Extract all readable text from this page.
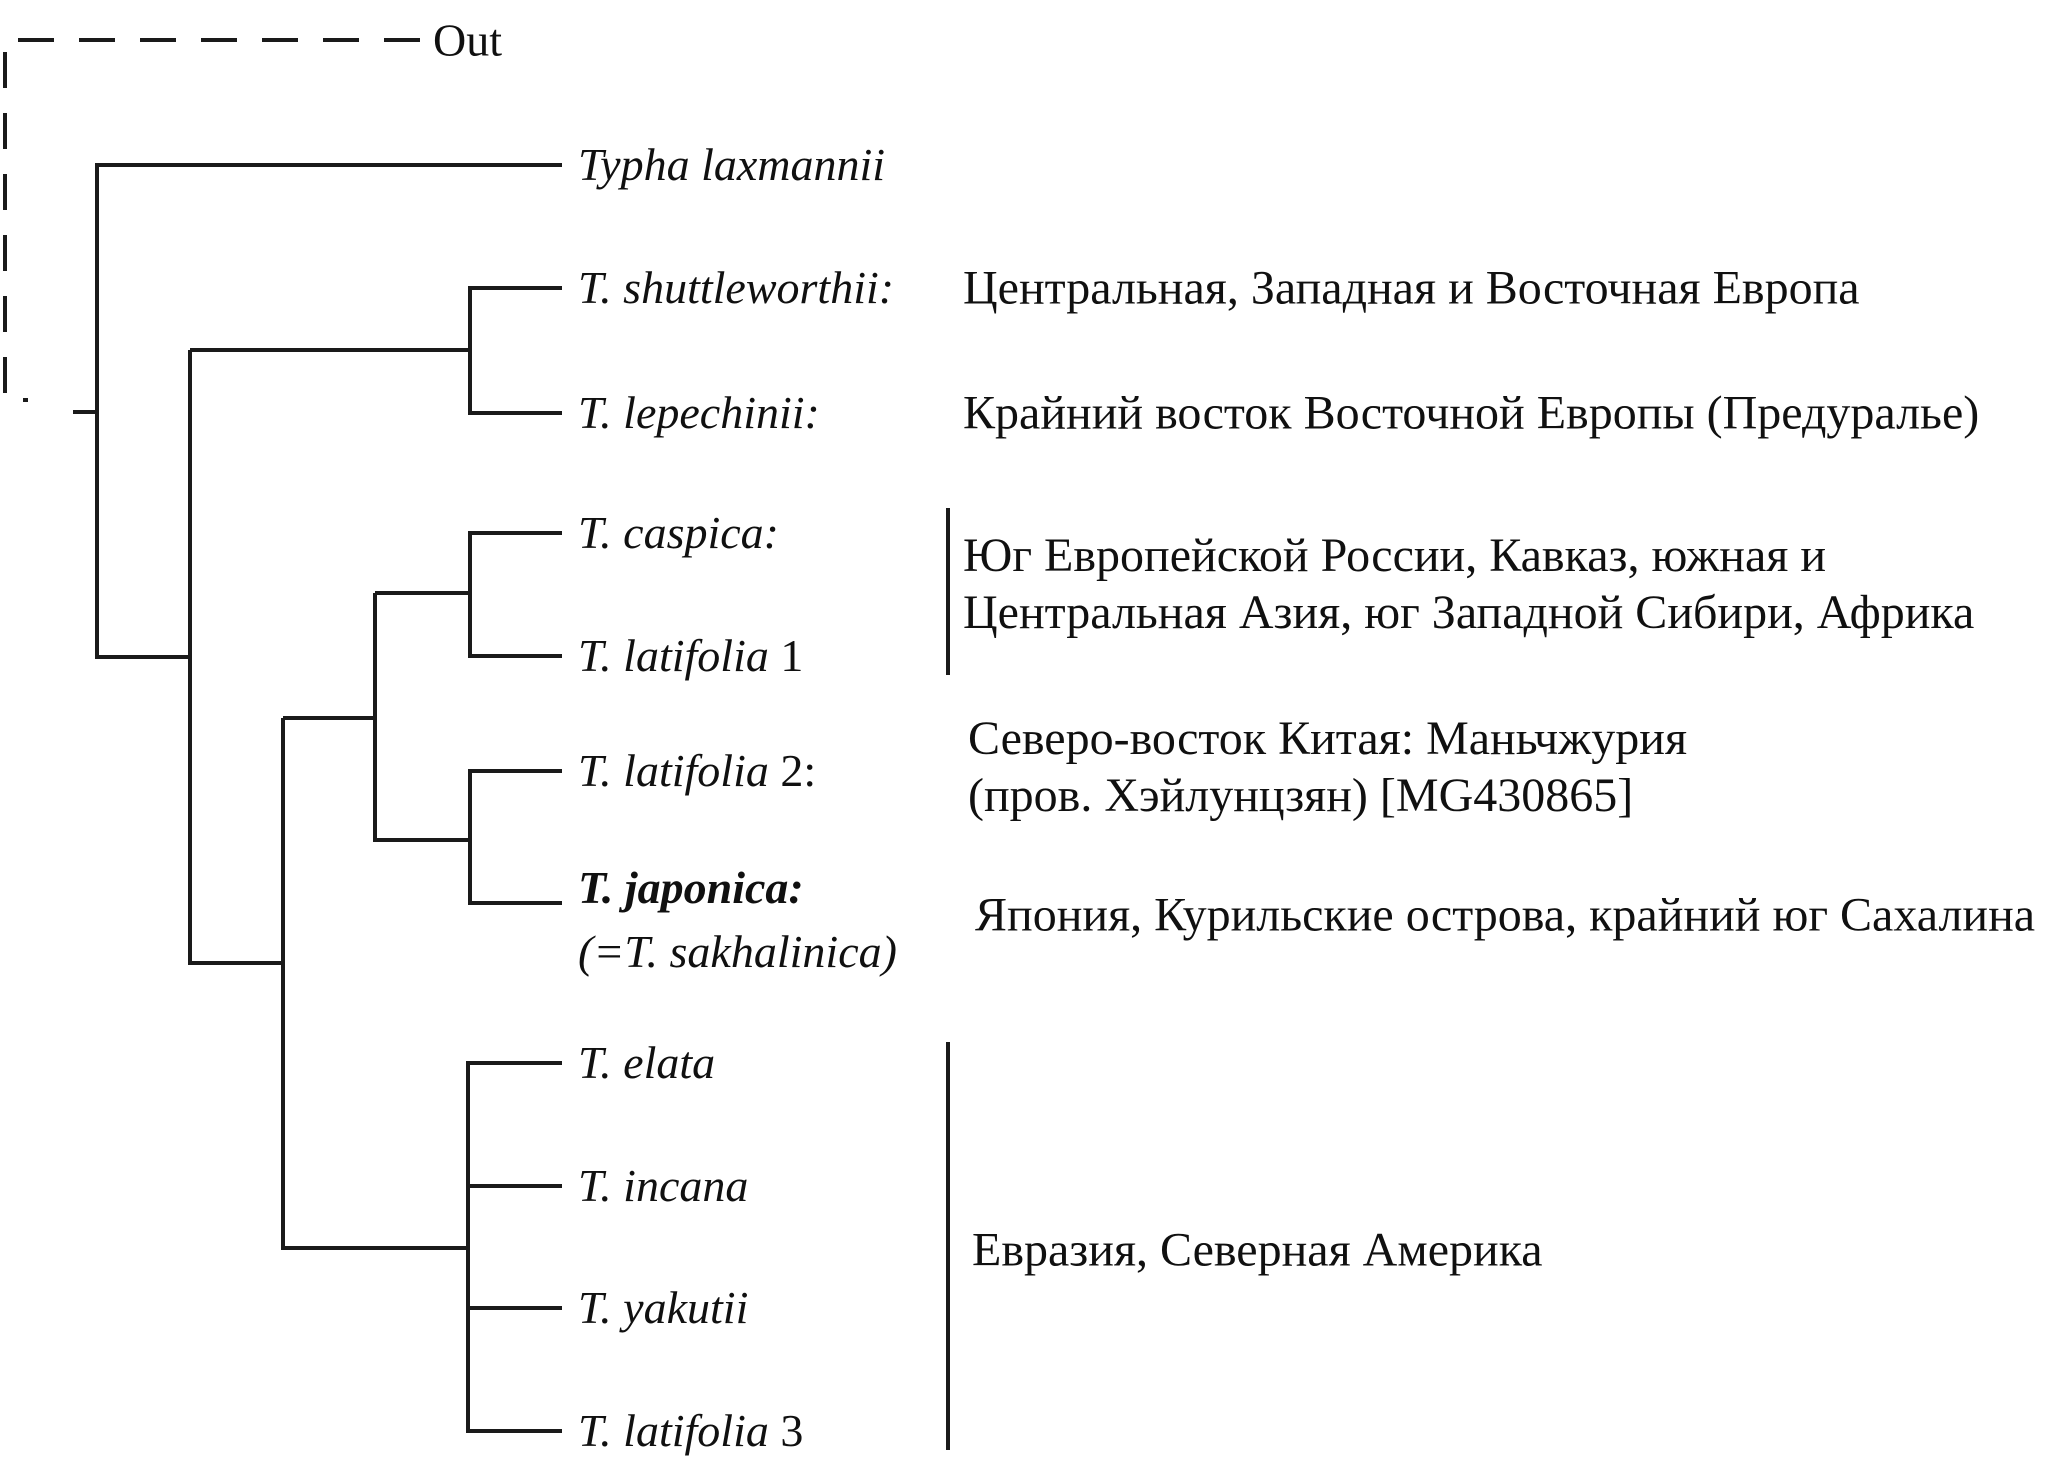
Out
Typha laxmannii
T. shuttleworthii:
T. lepechinii:
T. caspica:
T. latifolia 1
T. latifolia 2:
T. japonica:
(=T. sakhalinica)
T. elata
T. incana
T. yakutii
T. latifolia 3
Центральная, Западная и Восточная Европа
Крайний восток Восточной Европы (Предуралье)
Юг Европейской России, Кавказ, южная и
Центральная Азия, юг Западной Сибири, Африка
Северо-восток Китая: Маньчжурия
(пров. Хэйлунцзян) [MG430865]
Япония, Курильские острова, крайний юг Сахалина
Евразия, Северная Америка
